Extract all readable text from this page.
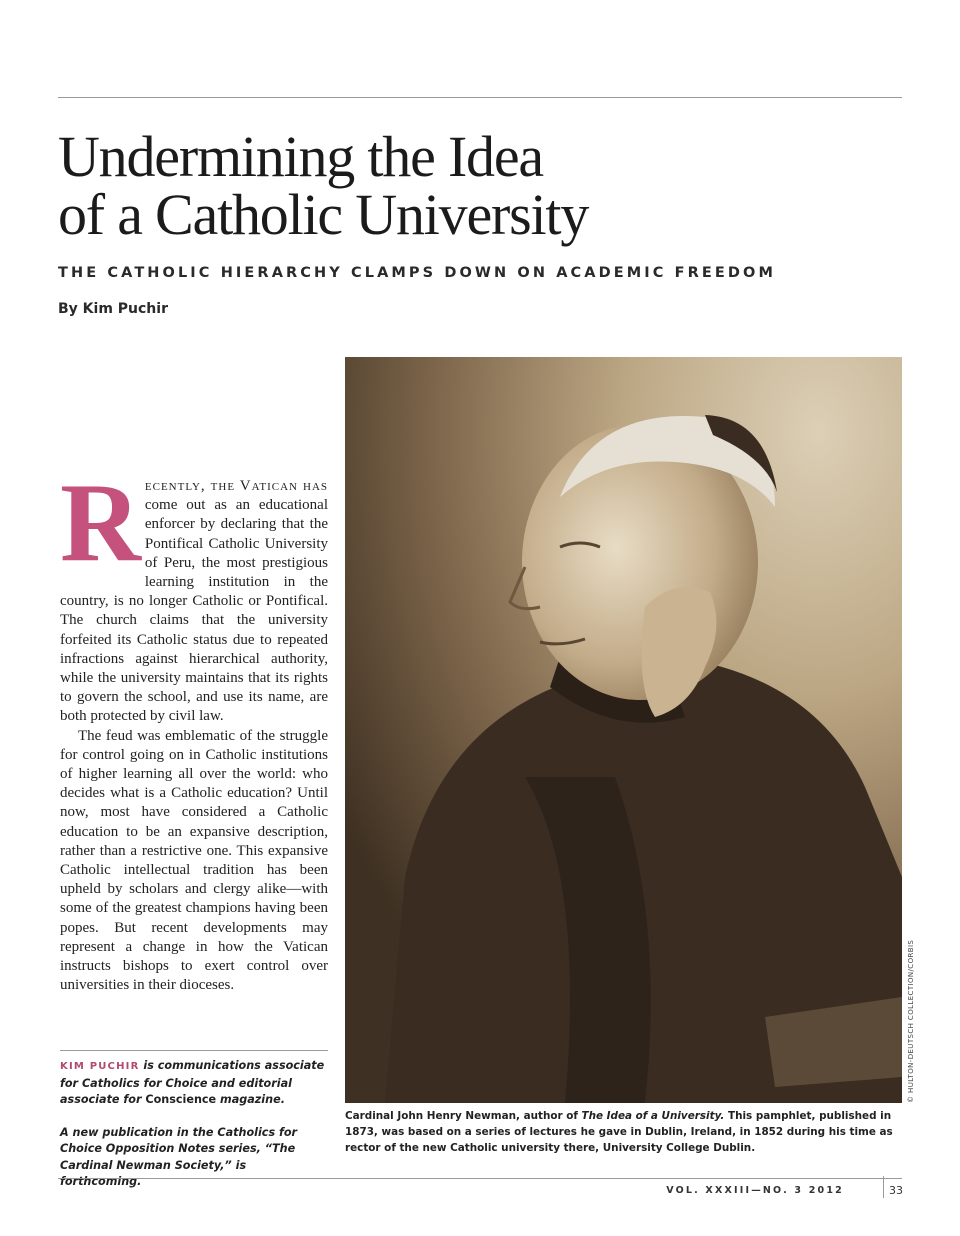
Undermining the Idea
of a Catholic University
THE CATHOLIC HIERARCHY CLAMPS DOWN ON ACADEMIC FREEDOM
By Kim Puchir
© HULTON-DEUTSCH COLLECTION/CORBIS

Cardinal John Henry Newman, author of The Idea of a University. This pamphlet, published in 1873, was based on a series of lectures he gave in Dublin, Ireland, in 1852 during his time as rector of the new Catholic university there, University College Dublin.

Recently, the Vatican has come out as an educational enforcer by declaring that the Pontifical Catholic University of Peru, the most prestigious learning institution in the country, is no longer Catholic or Pontifical. The church claims that the university forfeited its Catholic status due to repeated infractions against hierarchical authority, while the university maintains that its rights to govern the school, and use its name, are both protected by civil law.

The feud was emblematic of the struggle for control going on in Catholic institutions of higher learning all over the world: who decides what is a Catholic education? Until now, most have considered a Catholic education to be an expansive description, rather than a restrictive one. This expansive Catholic intellectual tradition has been upheld by scholars and clergy alike—with some of the greatest champions having been popes. But recent developments may represent a change in how the Vatican instructs bishops to exert control over universities in their dioceses.

KIM PUCHIR is communications associate for Catholics for Choice and editorial associate for Conscience magazine.

A new publication in the Catholics for Choice Opposition Notes series, “The Cardinal Newman Society,” is forthcoming.

VOL. XXXIII—NO. 3 2012	33
